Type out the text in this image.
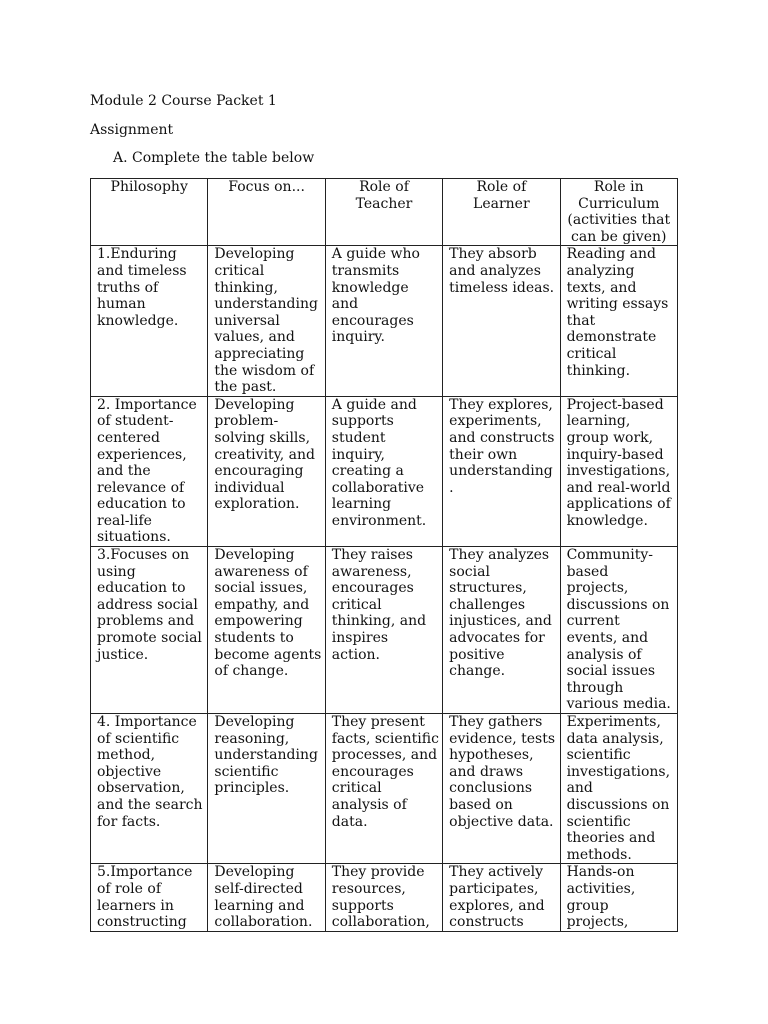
Module 2 Course Packet 1
Assignment
A. Complete the table below
Philosophy	Focus on...	Role of Teacher	Role of Learner	Role in Curriculum (activities that can be given)
1.Enduring and timeless truths of human knowledge.	Developing critical thinking, understanding universal values, and appreciating the wisdom of the past.	A guide who transmits knowledge and encourages inquiry.	They absorb and analyzes timeless ideas.	Reading and analyzing texts, and writing essays that demonstrate critical thinking.
2. Importance of student-centered experiences, and the relevance of education to real-life situations.	Developing problem-solving skills, creativity, and encouraging individual exploration.	A guide and supports student inquiry, creating a collaborative learning environment.	They explores, experiments, and constructs their own understanding .	Project-based learning, group work, inquiry-based investigations, and real-world applications of knowledge.
3.Focuses on using education to address social problems and promote social justice.	Developing awareness of social issues, empathy, and empowering students to become agents of change.	They raises awareness, encourages critical thinking, and inspires action.	They analyzes social structures, challenges injustices, and advocates for positive change.	Community-based projects, discussions on current events, and analysis of social issues through various media.
4. Importance of scientific method, objective observation, and the search for facts.	Developing reasoning, understanding scientific principles.	They present facts, scientific processes, and encourages critical analysis of data.	They gathers evidence, tests hypotheses, and draws conclusions based on objective data.	Experiments, data analysis, scientific investigations, and discussions on scientific theories and methods.
5.Importance of role of learners in constructing	Developing self-directed learning and collaboration.	They provide resources, supports collaboration,	They actively participates, explores, and constructs	Hands-on activities, group projects,
